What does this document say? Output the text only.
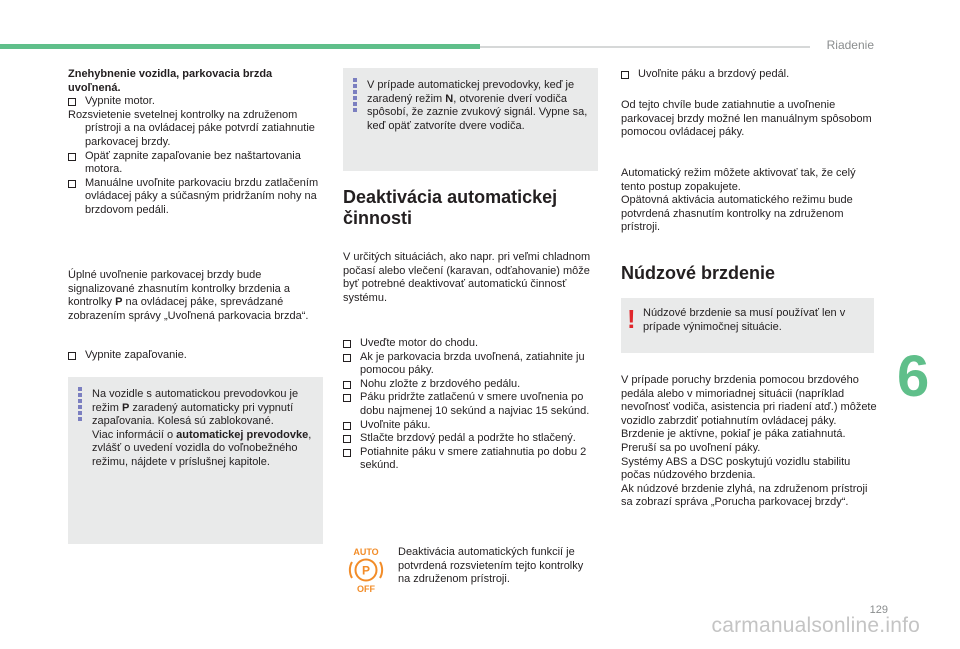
Riadenie

Znehybnenie vozidla, parkovacia brzda uvoľnená.

Vypnite motor.

Rozsvietenie svetelnej kontrolky na združenom prístroji a na ovládacej páke potvrdí zatiahnutie parkovacej brzdy.

Opäť zapnite zapaľovanie bez naštartovania motora.

Manuálne uvoľnite parkovaciu brzdu zatlačením ovládacej páky a súčasným pridržaním nohy na brzdovom pedáli.

Úplné uvoľnenie parkovacej brzdy bude signalizované zhasnutím kontrolky brzdenia a kontrolky P na ovládacej páke, sprevádzané zobrazením správy „Uvoľnená parkovacia brzda“.

Vypnite zapaľovanie.

Na vozidle s automatickou prevodovkou je režim P zaradený automaticky pri vypnutí zapaľovania. Kolesá sú zablokované.
Viac informácií o automatickej prevodovke, zvlášť o uvedení vozidla do voľnobežného režimu, nájdete v príslušnej kapitole.

V prípade automatickej prevodovky, keď je zaradený režim N, otvorenie dverí vodiča spôsobí, že zaznie zvukový signál. Vypne sa, keď opäť zatvoríte dvere vodiča.

Deaktivácia automatickej činnosti
V určitých situáciách, ako napr. pri veľmi chladnom počasí alebo vlečení (karavan, odťahovanie) môže byť potrebné deaktivovať automatickú činnosť systému.

Uveďte motor do chodu.

Ak je parkovacia brzda uvoľnená, zatiahnite ju pomocou páky.

Nohu zložte z brzdového pedálu.

Páku pridržte zatlačenú v smere uvoľnenia po dobu najmenej 10 sekúnd a najviac 15 sekúnd.

Uvoľnite páku.

Stlačte brzdový pedál a podržte ho stlačený.

Potiahnite páku v smere zatiahnutia po dobu 2 sekúnd.

AUTO
P
OFF
Deaktivácia automatických funkcií je potvrdená rozsvietením tejto kontrolky na združenom prístroji.

Uvoľnite páku a brzdový pedál.

Od tejto chvíle bude zatiahnutie a uvoľnenie parkovacej brzdy možné len manuálnym spôsobom pomocou ovládacej páky.

Automatický režim môžete aktivovať tak, že celý tento postup zopakujete.

Opätovná aktivácia automatického režimu bude potvrdená zhasnutím kontrolky na združenom prístroji.

Núdzové brzdenie
! Núdzové brzdenie sa musí používať len v prípade výnimočnej situácie.

V prípade poruchy brzdenia pomocou brzdového pedála alebo v mimoriadnej situácii (napríklad nevoľnosť vodiča, asistencia pri riadení atď.) môžete vozidlo zabrzdiť potiahnutím ovládacej páky. Brzdenie je aktívne, pokiaľ je páka zatiahnutá. Preruší sa po uvoľnení páky.

Systémy ABS a DSC poskytujú vozidlu stabilitu počas núdzového brzdenia.

Ak núdzové brzdenie zlyhá, na združenom prístroji sa zobrazí správa „Porucha parkovacej brzdy“.

6
129
carmanualsonline.info
